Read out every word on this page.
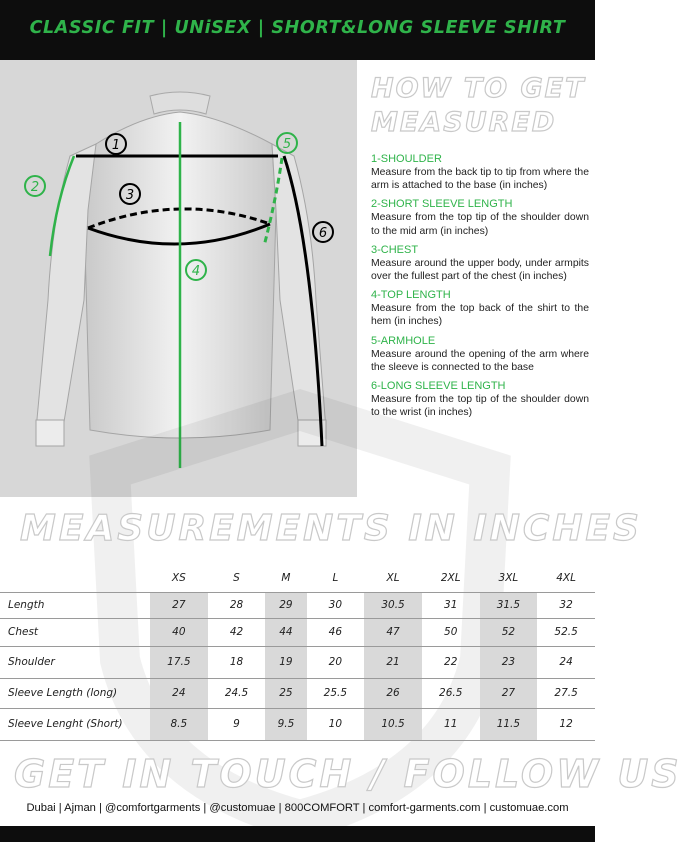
CLASSIC FIT | UNiSEX | SHORT&LONG SLEEVE SHIRT
1
2
3
4
5
6
HOW TO GET
MEASURED
1-SHOULDER
Measure from the back tip to tip from where the arm is attached to the base (in inches)
2-SHORT SLEEVE LENGTH
Measure from the top tip of the shoulder down to the mid arm (in inches)
3-CHEST
Measure around the upper body, under armpits over the fullest part of the chest (in inches)
4-TOP LENGTH
Measure from the top back of the shirt to the hem (in inches)
5-ARMHOLE
Measure around the opening of the arm where the sleeve is connected to the base
6-LONG SLEEVE LENGTH
Measure from the top tip of the shoulder down to the wrist (in inches)
MEASUREMENTS IN INCHES
	XS	S	M	L	XL	2XL	3XL	4XL
Length	27	28	29	30	30.5	31	31.5	32
Chest	40	42	44	46	47	50	52	52.5
Shoulder	17.5	18	19	20	21	22	23	24
Sleeve Length (long)	24	24.5	25	25.5	26	26.5	27	27.5
Sleeve Lenght (Short)	8.5	9	9.5	10	10.5	11	11.5	12
GET IN TOUCH / FOLLOW US
Dubai | Ajman | @comfortgarments | @customuae | 800COMFORT | comfort-garments.com | customuae.com
